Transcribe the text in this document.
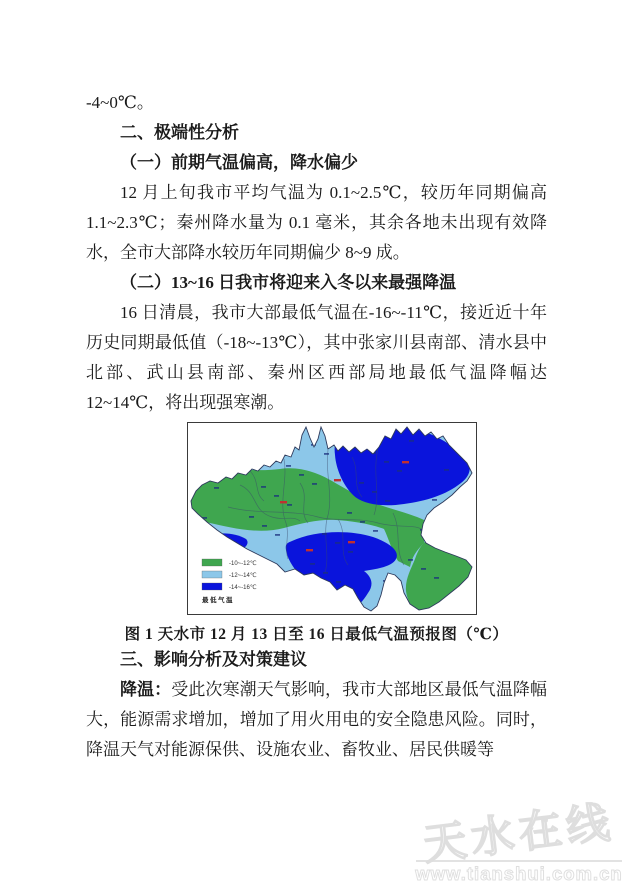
-4~0℃。

二、极端性分析
（一）前期气温偏高，降水偏少

12 月上旬我市平均气温为 0.1~2.5℃，较历年同期偏高 1.1~2.3℃；秦州降水量为 0.1 毫米，其余各地未出现有效降水，全市大部降水较历年同期偏少 8~9 成。

（二）13~16 日我市将迎来入冬以来最强降温

16 日清晨，我市大部最低气温在-16~-11℃，接近近十年历史同期最低值（-18~-13℃），其中张家川县南部、清水县中北部、武山县南部、秦州区西部局地最低气温降幅达 12~14℃，将出现强寒潮。

-10~-12℃
-12~-14℃
-14~-16℃
最低气温
图 1 天水市 12 月 13 日至 16 日最低气温预报图（℃）
三、影响分析及对策建议

降温：受此次寒潮天气影响，我市大部地区最低气温降幅大，能源需求增加，增加了用火用电的安全隐患风险。同时，降温天气对能源保供、设施农业、畜牧业、居民供暖等

天水在线
www.tianshui.com.cn
